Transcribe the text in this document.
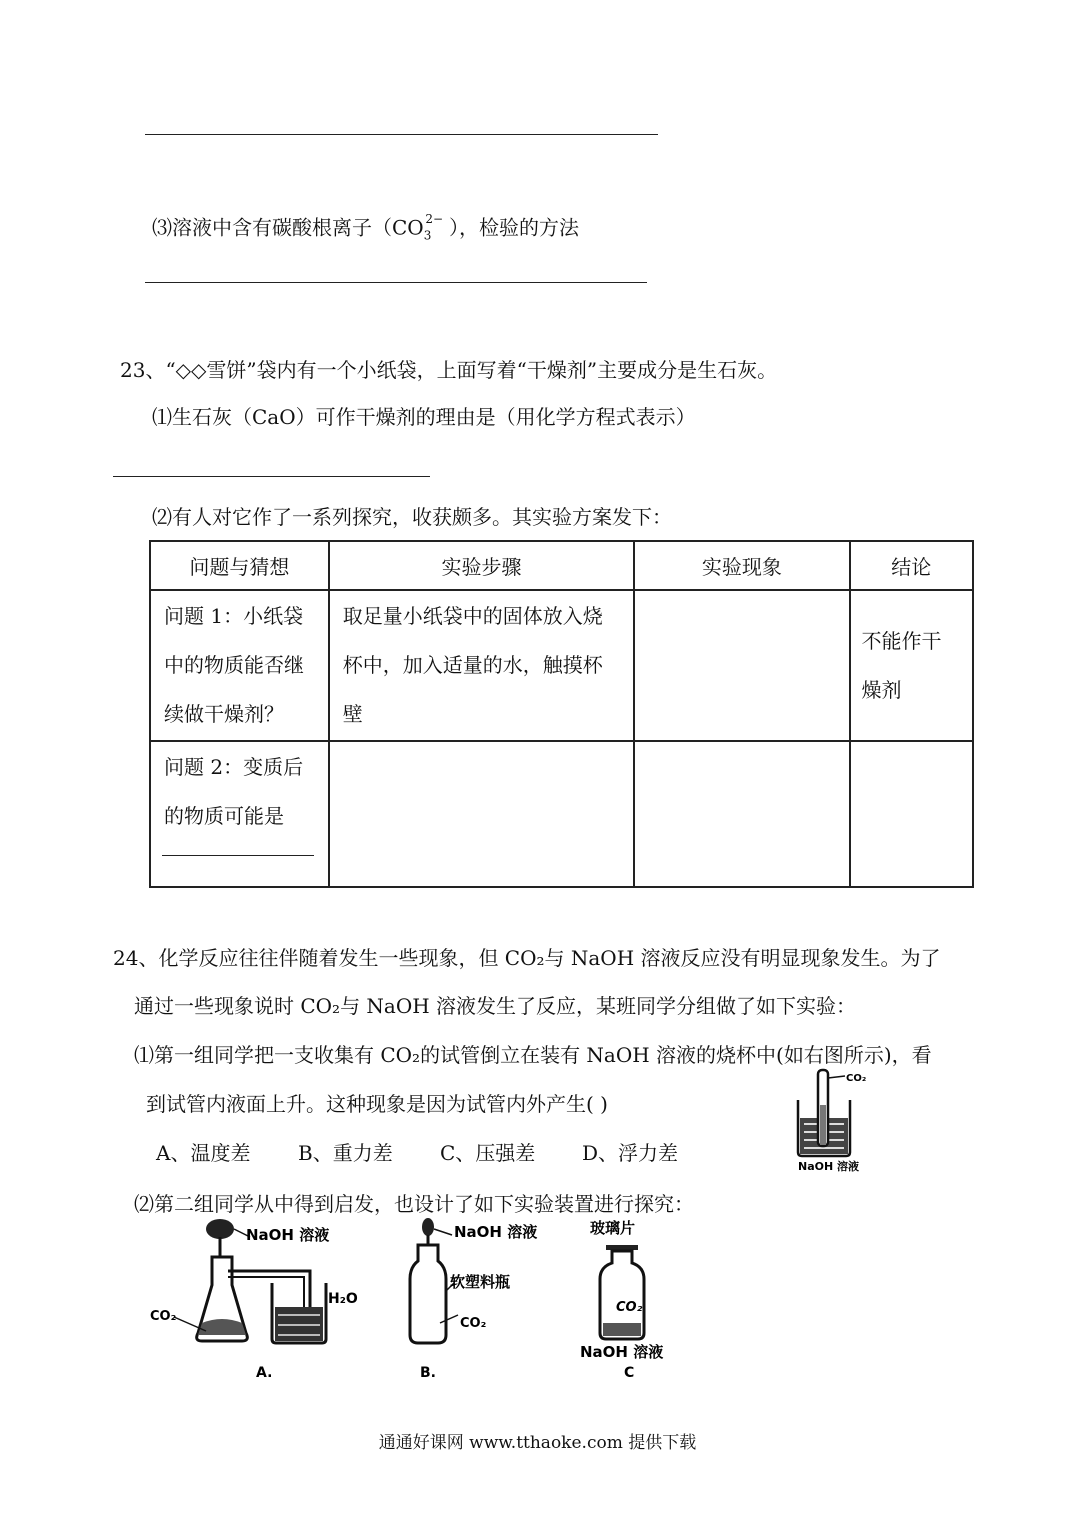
⑶溶液中含有碳酸根离子（$CO_3^{2-}$ ），检验的方法
23、“◇◇雪饼”袋内有一个小纸袋，上面写着“干燥剂”主要成分是生石灰。
⑴生石灰（CaO）可作干燥剂的理由是（用化学方程式表示）
⑵有人对它作了一系列探究，收获颇多。其实验方案发下：
问题与猜想	实验步骤	实验现象	结论

问题 1：小纸袋中的物质能否继续做干燥剂？	取足量小纸袋中的固体放入烧杯中，加入适量的水，触摸杯壁		不能作干燥剂

问题 2：变质后的物质可能是			

24、化学反应往往伴随着发生一些现象，但 CO₂与 NaOH 溶液反应没有明显现象发生。为了
通过一些现象说时 CO₂与 NaOH 溶液发生了反应，某班同学分组做了如下实验：
⑴第一组同学把一支收集有 CO₂的试管倒立在装有 NaOH 溶液的烧杯中(如右图所示)，看
到试管内液面上升。这种现象是因为试管内外产生( )
A、温度差 B、重力差 C、压强差 D、浮力差
CO₂
NaOH 溶液
⑵第二组同学从中得到启发，也设计了如下实验装置进行探究：
NaOH 溶液
CO₂
H₂O
A.
NaOH 溶液
软塑料瓶
CO₂
B.
玻璃片
CO₂
NaOH 溶液
C
通通好课网 www.tthaoke.com 提供下载
